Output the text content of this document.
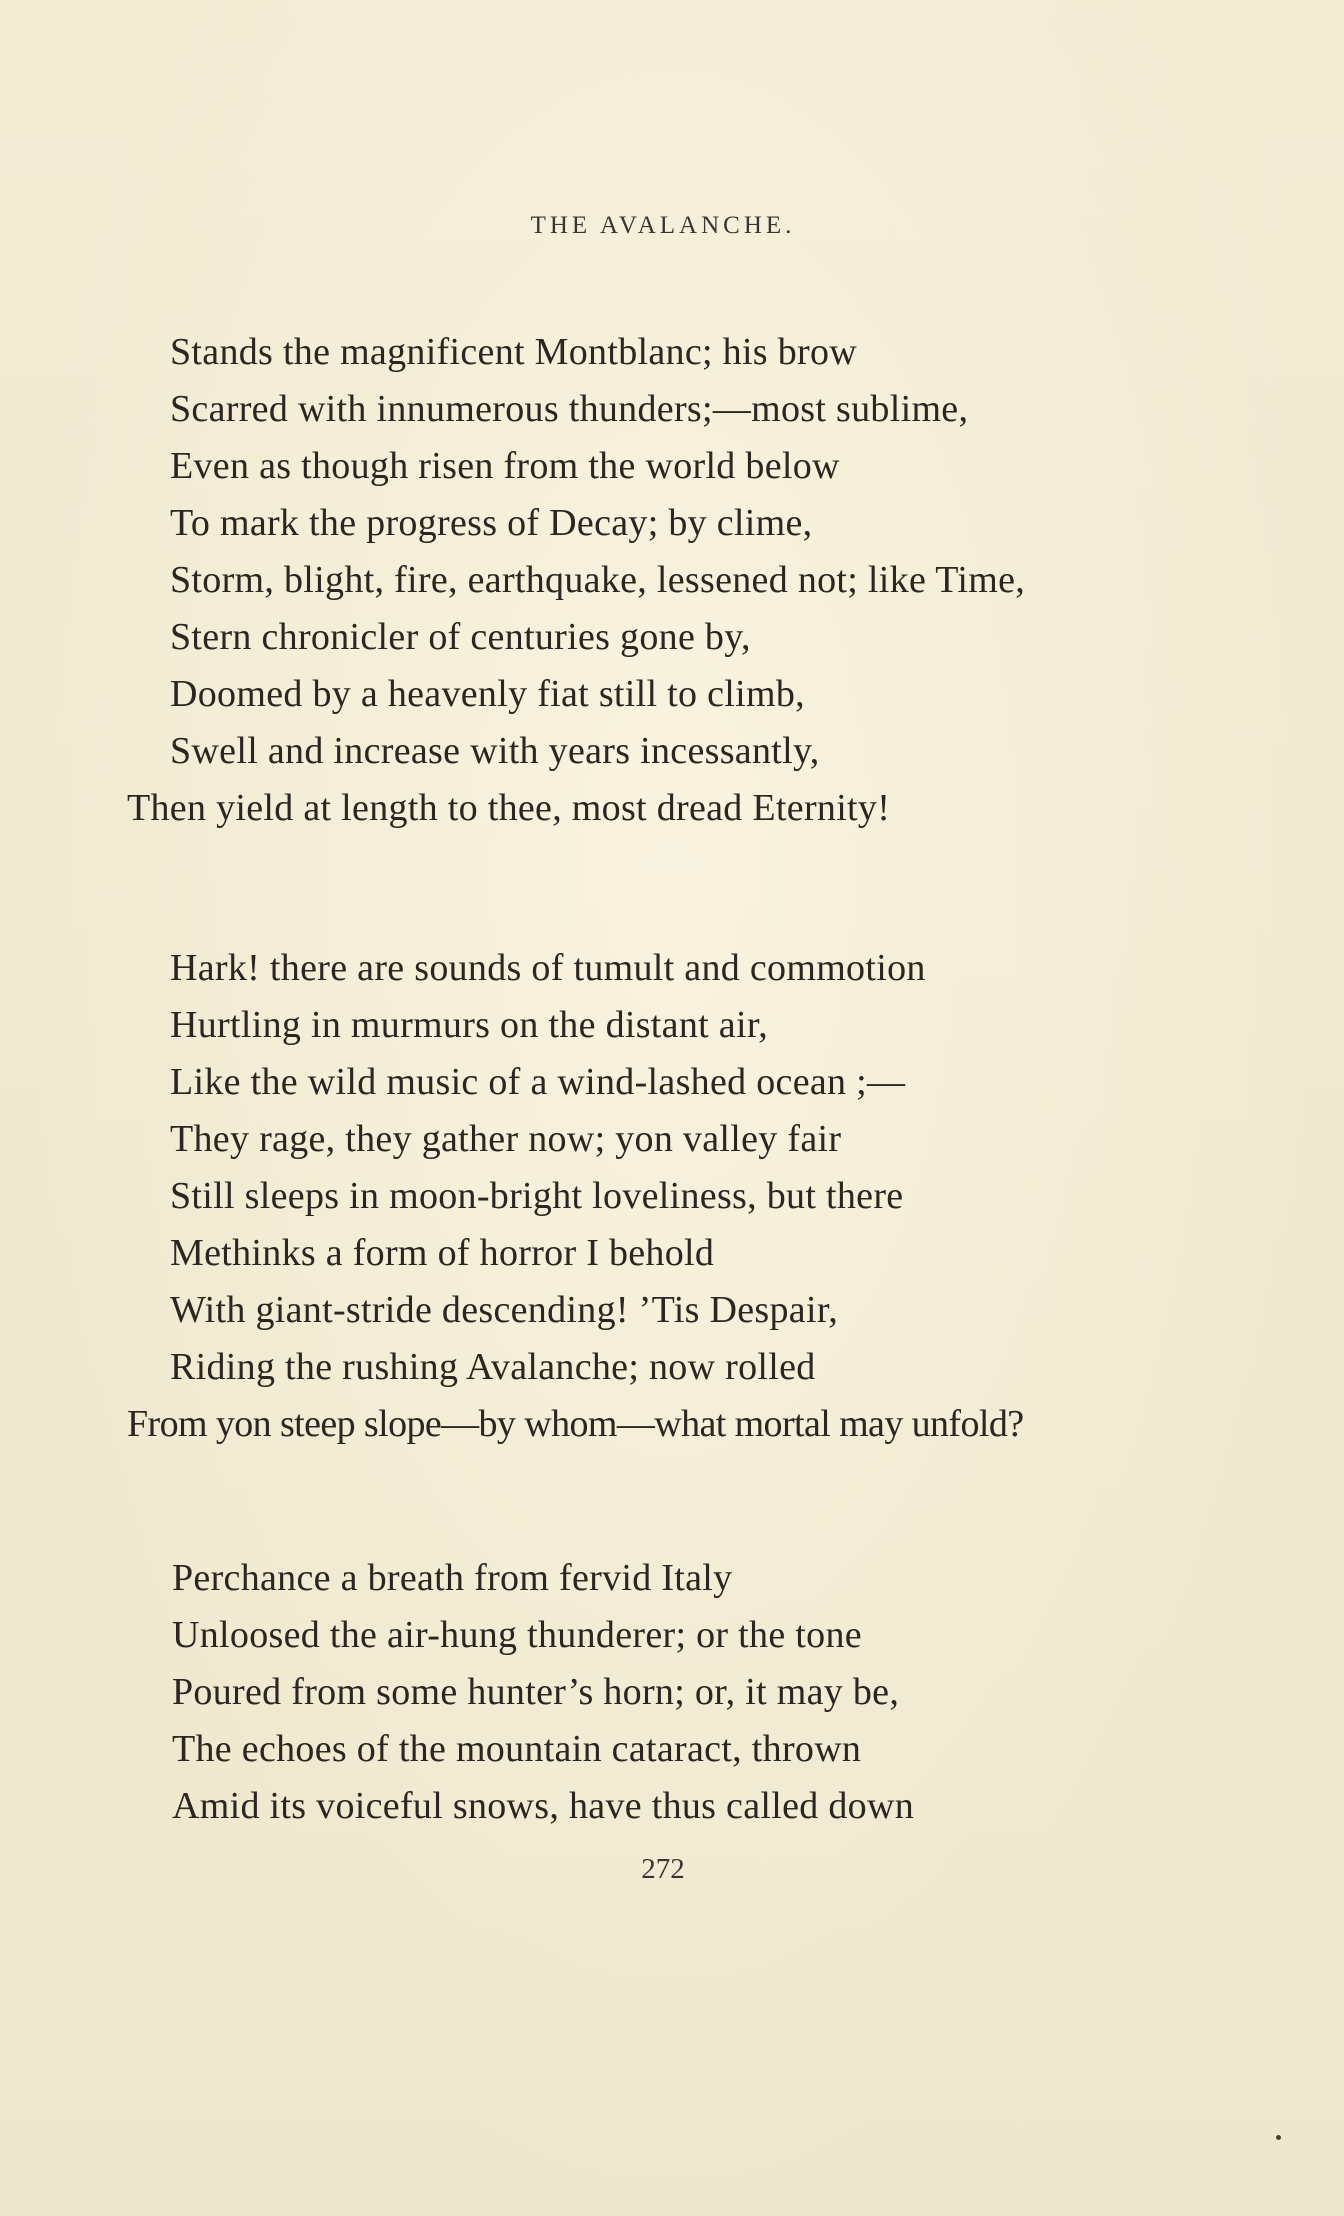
THE AVALANCHE.
Stands the magnificent Montblanc; his brow
Scarred with innumerous thunders;—most sublime,
Even as though risen from the world below
To mark the progress of Decay; by clime,
Storm, blight, fire, earthquake, lessened not; like Time,
Stern chronicler of centuries gone by,
Doomed by a heavenly fiat still to climb,
Swell and increase with years incessantly,
Then yield at length to thee, most dread Eternity!
Hark! there are sounds of tumult and commotion
Hurtling in murmurs on the distant air,
Like the wild music of a wind-lashed ocean ;—
They rage, they gather now; yon valley fair
Still sleeps in moon-bright loveliness, but there
Methinks a form of horror I behold
With giant-stride descending! ’Tis Despair,
Riding the rushing Avalanche; now rolled
From yon steep slope—by whom—what mortal may unfold?
Perchance a breath from fervid Italy
Unloosed the air-hung thunderer; or the tone
Poured from some hunter’s horn; or, it may be,
The echoes of the mountain cataract, thrown
Amid its voiceful snows, have thus called down
272
